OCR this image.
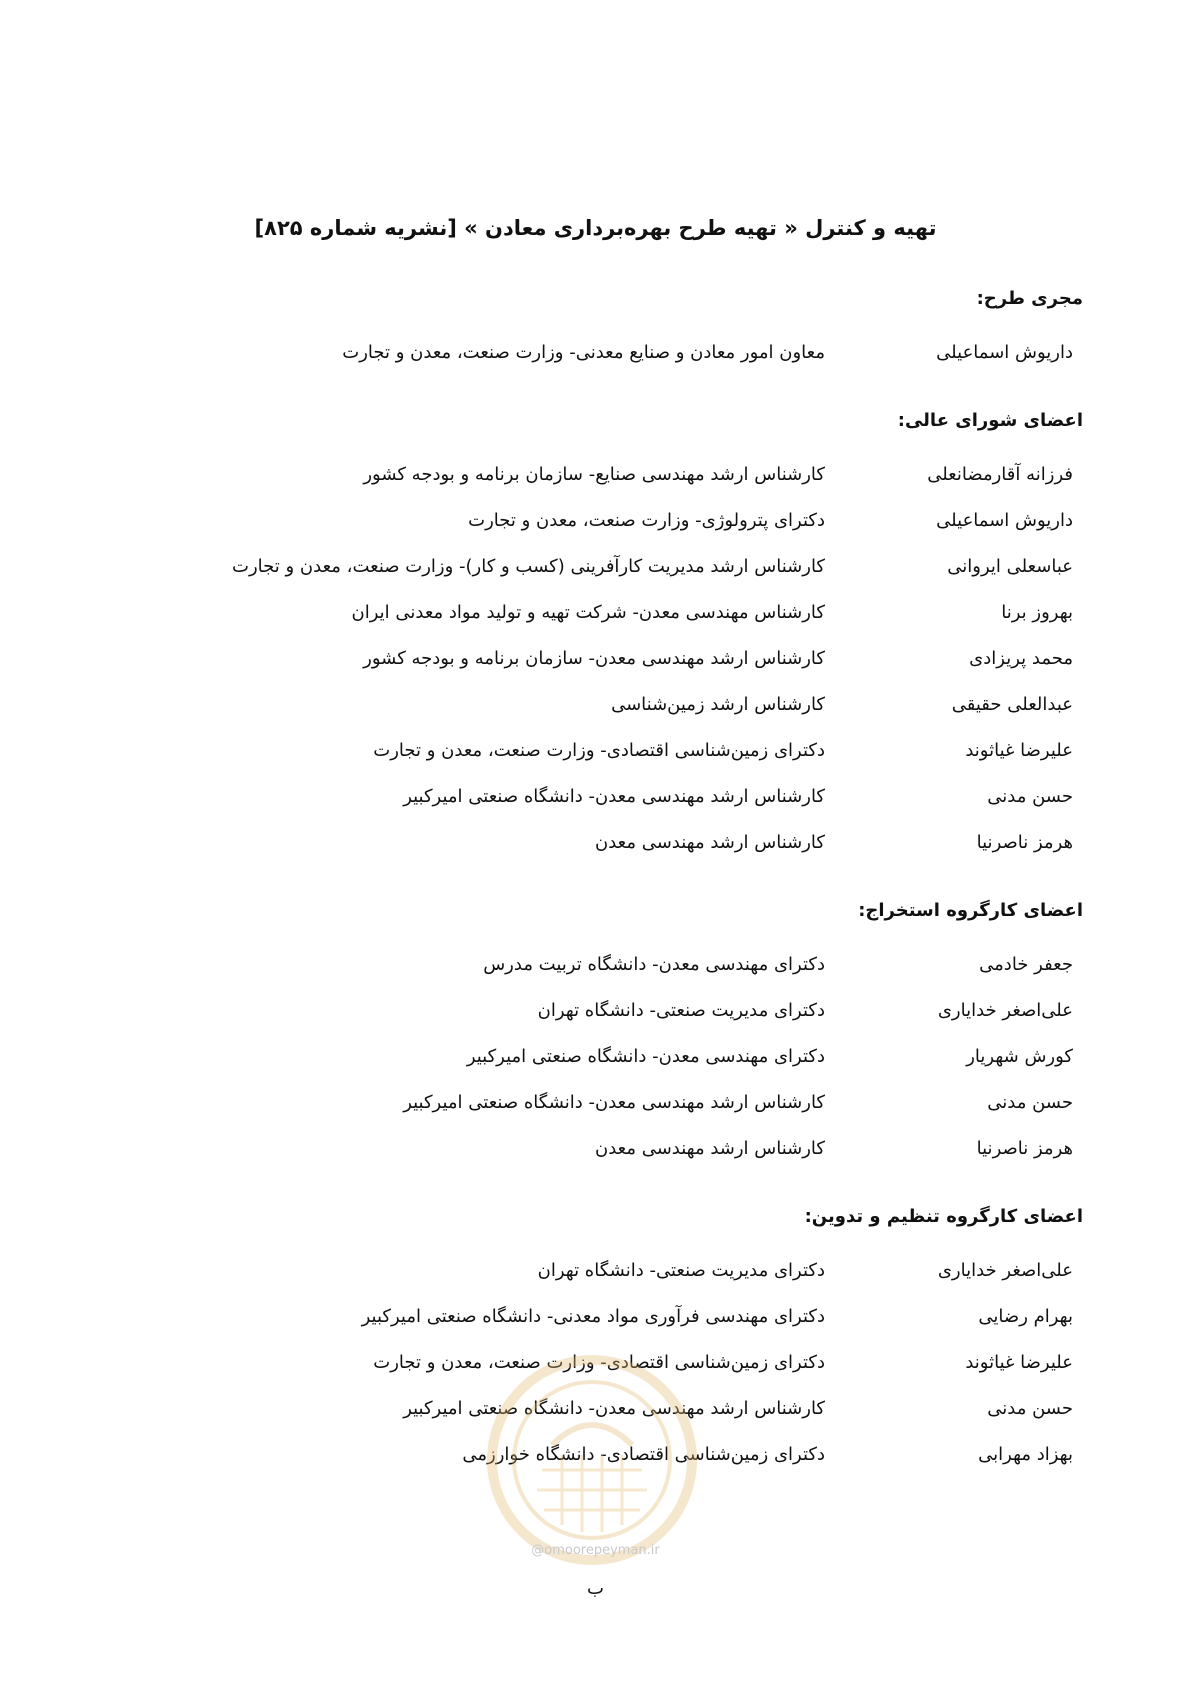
تهیه و کنترل « تهیه طرح بهره‌برداری معادن » [نشریه شماره ۸۲۵]
مجری طرح:
داریوش اسماعیلی
معاون امور معادن و صنایع معدنی- وزارت صنعت، معدن و تجارت
اعضای شورای عالی:
فرزانه آقارمضانعلی
کارشناس ارشد مهندسی صنایع- سازمان برنامه و بودجه کشور
داریوش اسماعیلی
دکترای پترولوژی- وزارت صنعت، معدن و تجارت
عباسعلی ایروانی
کارشناس ارشد مدیریت کارآفرینی (کسب و کار)- وزارت صنعت، معدن و تجارت
بهروز برنا
کارشناس مهندسی معدن- شرکت تهیه و تولید مواد معدنی ایران
محمد پریزادی
کارشناس ارشد مهندسی معدن- سازمان برنامه و بودجه کشور
عبدالعلی حقیقی
کارشناس ارشد زمین‌شناسی
علیرضا غیاثوند
دکترای زمین‌شناسی اقتصادی- وزارت صنعت، معدن و تجارت
حسن مدنی
کارشناس ارشد مهندسی معدن- دانشگاه صنعتی امیرکبیر
هرمز ناصرنیا
کارشناس ارشد مهندسی معدن
اعضای کارگروه استخراج:
جعفر خادمی
دکترای مهندسی معدن- دانشگاه تربیت مدرس
علی‌اصغر خدایاری
دکترای مدیریت صنعتی- دانشگاه تهران
کورش شهریار
دکترای مهندسی معدن- دانشگاه صنعتی امیرکبیر
حسن مدنی
کارشناس ارشد مهندسی معدن- دانشگاه صنعتی امیرکبیر
هرمز ناصرنیا
کارشناس ارشد مهندسی معدن
اعضای کارگروه تنظیم و تدوین:
علی‌اصغر خدایاری
دکترای مدیریت صنعتی- دانشگاه تهران
بهرام رضایی
دکترای مهندسی فرآوری مواد معدنی- دانشگاه صنعتی امیرکبیر
علیرضا غیاثوند
دکترای زمین‌شناسی اقتصادی- وزارت صنعت، معدن و تجارت
حسن مدنی
کارشناس ارشد مهندسی معدن- دانشگاه صنعتی امیرکبیر
بهزاد مهرابی
دکترای زمین‌شناسی اقتصادی- دانشگاه خوارزمی
@omoorepeyman.ir
ب
